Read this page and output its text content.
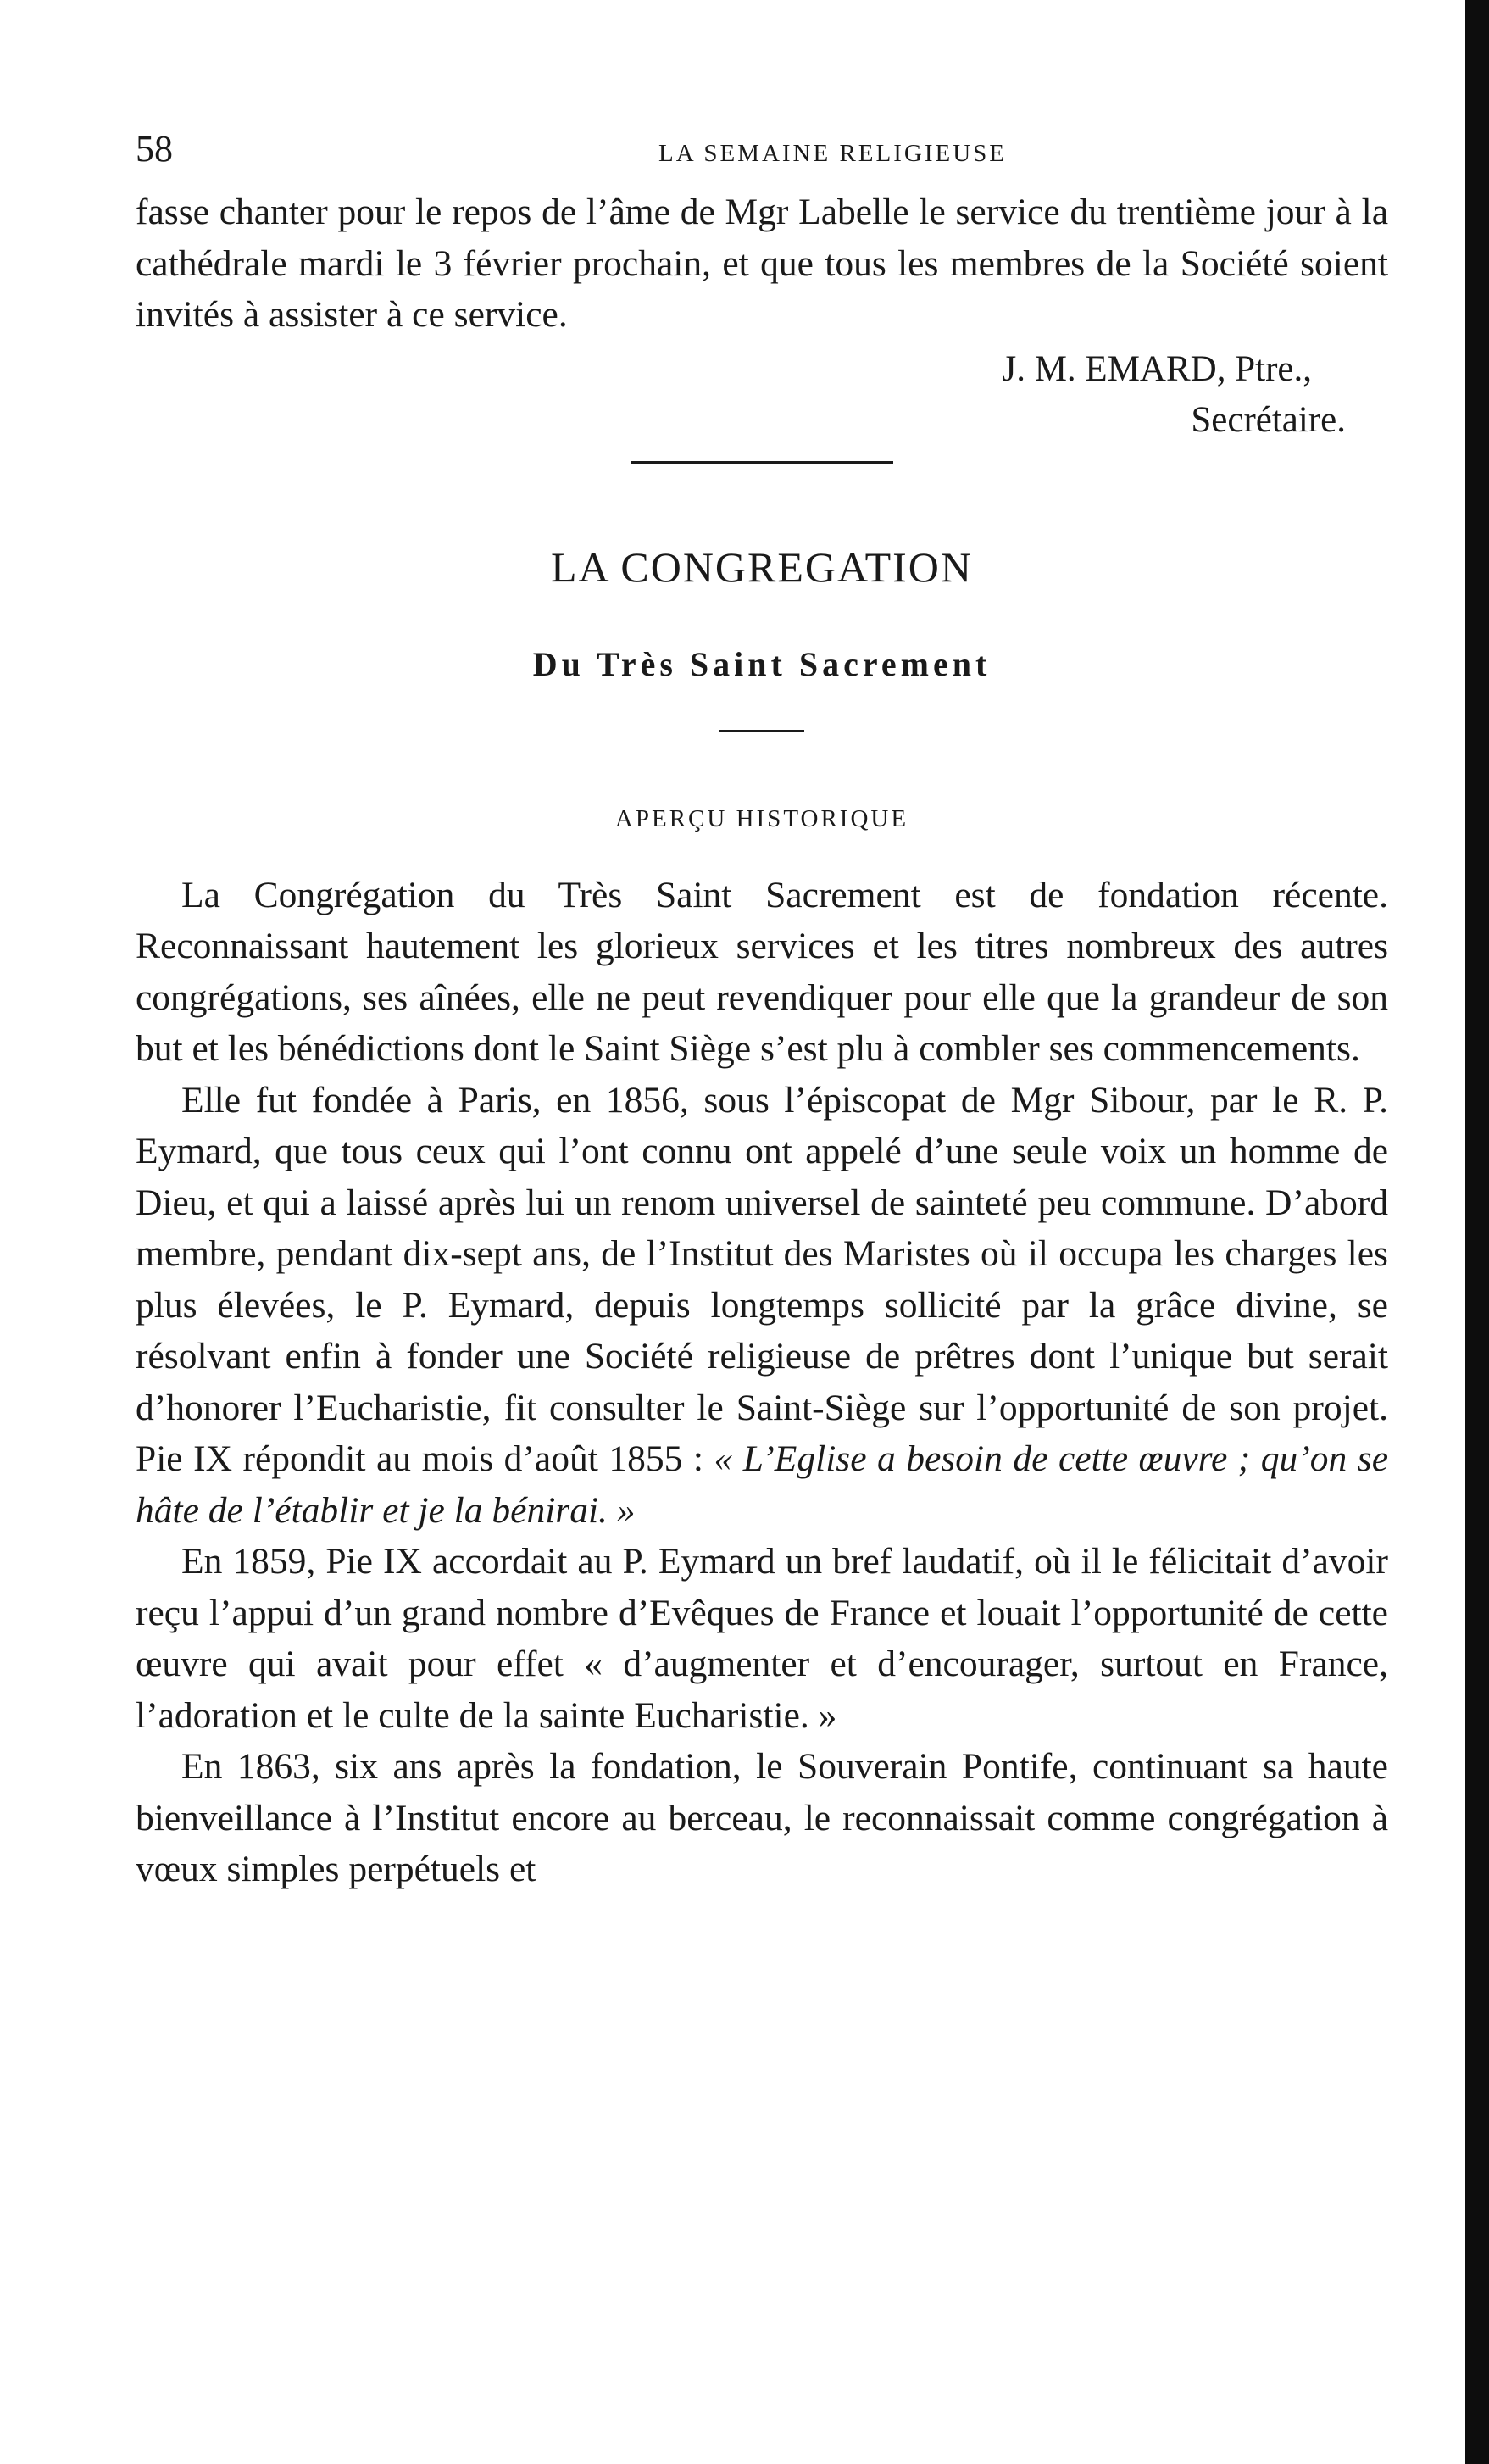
58	LA SEMAINE RELIGIEUSE

fasse chanter pour le repos de l’âme de Mgr Labelle le service du trentième jour à la cathédrale mardi le 3 février prochain, et que tous les membres de la Société soient invités à assister à ce service.

J. M. EMARD, Ptre.,
Secrétaire.
LA CONGREGATION
Du Très Saint Sacrement
APERÇU HISTORIQUE

La Congrégation du Très Saint Sacrement est de fondation récente. Reconnaissant hautement les glorieux services et les titres nombreux des autres congrégations, ses aînées, elle ne peut revendiquer pour elle que la grandeur de son but et les bénédictions dont le Saint Siège s’est plu à combler ses commencements.

Elle fut fondée à Paris, en 1856, sous l’épiscopat de Mgr Sibour, par le R. P. Eymard, que tous ceux qui l’ont connu ont appelé d’une seule voix un homme de Dieu, et qui a laissé après lui un renom universel de sainteté peu commune. D’abord membre, pendant dix-sept ans, de l’Institut des Maristes où il occupa les charges les plus élevées, le P. Eymard, depuis longtemps sollicité par la grâce divine, se résolvant enfin à fonder une Société religieuse de prêtres dont l’unique but serait d’honorer l’Eucharistie, fit consulter le Saint-Siège sur l’opportunité de son projet. Pie IX répondit au mois d’août 1855 : « L’Eglise a besoin de cette œuvre ; qu’on se hâte de l’établir et je la bénirai. »

En 1859, Pie IX accordait au P. Eymard un bref laudatif, où il le félicitait d’avoir reçu l’appui d’un grand nombre d’Evêques de France et louait l’opportunité de cette œuvre qui avait pour effet « d’augmenter et d’encourager, surtout en France, l’adoration et le culte de la sainte Eucharistie. »

En 1863, six ans après la fondation, le Souverain Pontife, continuant sa haute bienveillance à l’Institut encore au berceau, le reconnaissait comme congrégation à vœux simples perpétuels et
